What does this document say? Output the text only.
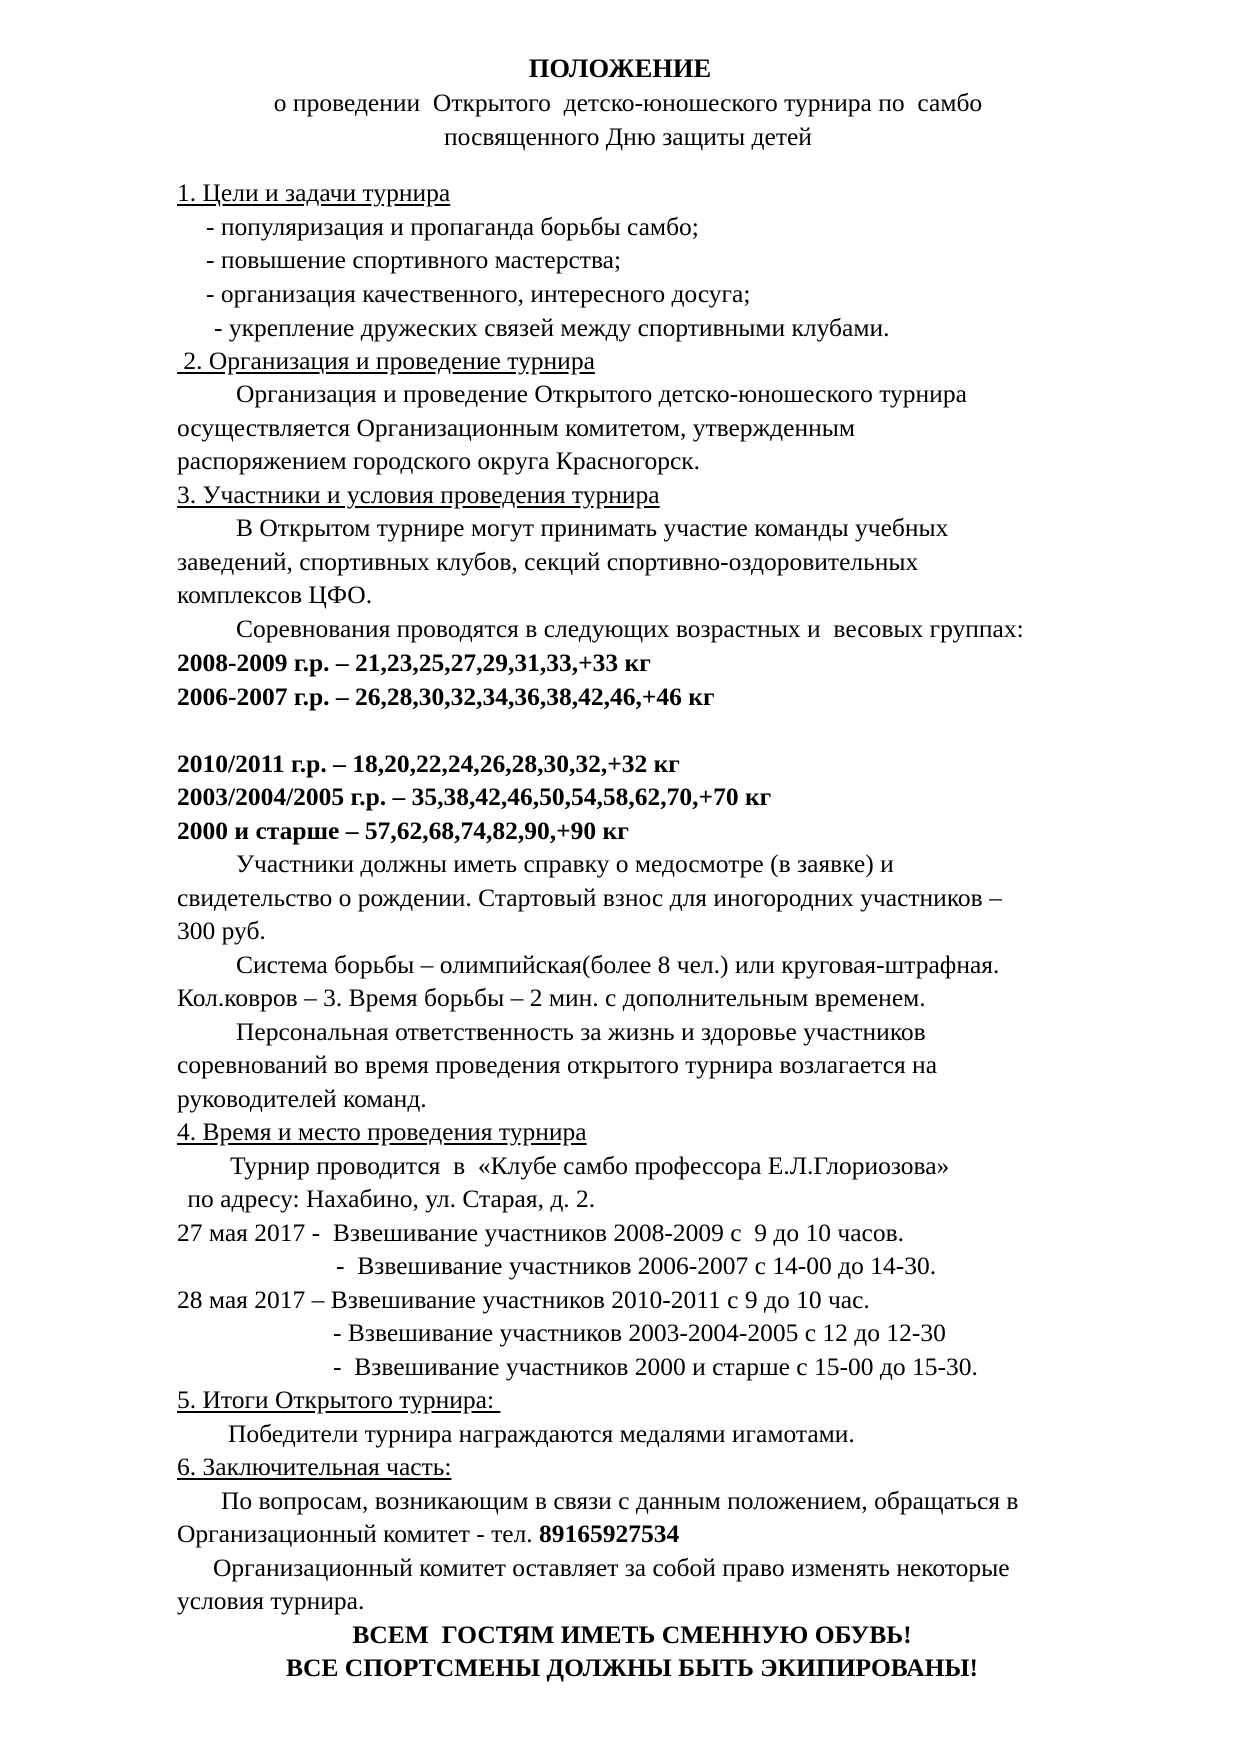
ПОЛОЖЕНИЕ

о проведении  Открытого  детско-юношеского турнира по  самбо

посвященного Дню защиты детей

1. Цели и задачи турнира

- популяризация и пропаганда борьбы самбо;

- повышение спортивного мастерства;

- организация качественного, интересного досуга;

- укрепление дружеских связей между спортивными клубами.

2. Организация и проведение турнира

Организация и проведение Открытого детско-юношеского турнира

осуществляется Организационным комитетом, утвержденным

распоряжением городского округа Красногорск.

3. Участники и условия проведения турнира

В Открытом турнире могут принимать участие команды учебных

заведений, спортивных клубов, секций спортивно-оздоровительных

комплексов ЦФО.

Соревнования проводятся в следующих возрастных и  весовых группах:

2008-2009 г.р. – 21,23,25,27,29,31,33,+33 кг

2006-2007 г.р. – 26,28,30,32,34,36,38,42,46,+46 кг

2010/2011 г.р. – 18,20,22,24,26,28,30,32,+32 кг

2003/2004/2005 г.р. – 35,38,42,46,50,54,58,62,70,+70 кг

2000 и старше – 57,62,68,74,82,90,+90 кг

Участники должны иметь справку о медосмотре (в заявке) и

свидетельство о рождении. Стартовый взнос для иногородних участников –

300 руб.

Система борьбы – олимпийская(более 8 чел.) или круговая-штрафная.

Кол.ковров – 3. Время борьбы – 2 мин. с дополнительным временем.

Персональная ответственность за жизнь и здоровье участников

соревнований во время проведения открытого турнира возлагается на

руководителей команд.

4. Время и место проведения турнира

Турнир проводится  в  «Клубе самбо профессора Е.Л.Глориозова»

по адресу: Нахабино, ул. Старая, д. 2.

27 мая 2017 -  Взвешивание участников 2008-2009 с  9 до 10 часов.

-  Взвешивание участников 2006-2007 с 14-00 до 14-30.

28 мая 2017 – Взвешивание участников 2010-2011 с 9 до 10 час.

- Взвешивание участников 2003-2004-2005 с 12 до 12-30

-  Взвешивание участников 2000 и старше с 15-00 до 15-30.

5. Итоги Открытого турнира:

Победители турнира награждаются медалями игамотами.

6. Заключительная часть:

По вопросам, возникающим в связи с данным положением, обращаться в

Организационный комитет - тел. 89165927534

Организационный комитет оставляет за собой право изменять некоторые

условия турнира.

ВСЕМ  ГОСТЯМ ИМЕТЬ СМЕННУЮ ОБУВЬ!

ВСЕ СПОРТСМЕНЫ ДОЛЖНЫ БЫТЬ ЭКИПИРОВАНЫ!
